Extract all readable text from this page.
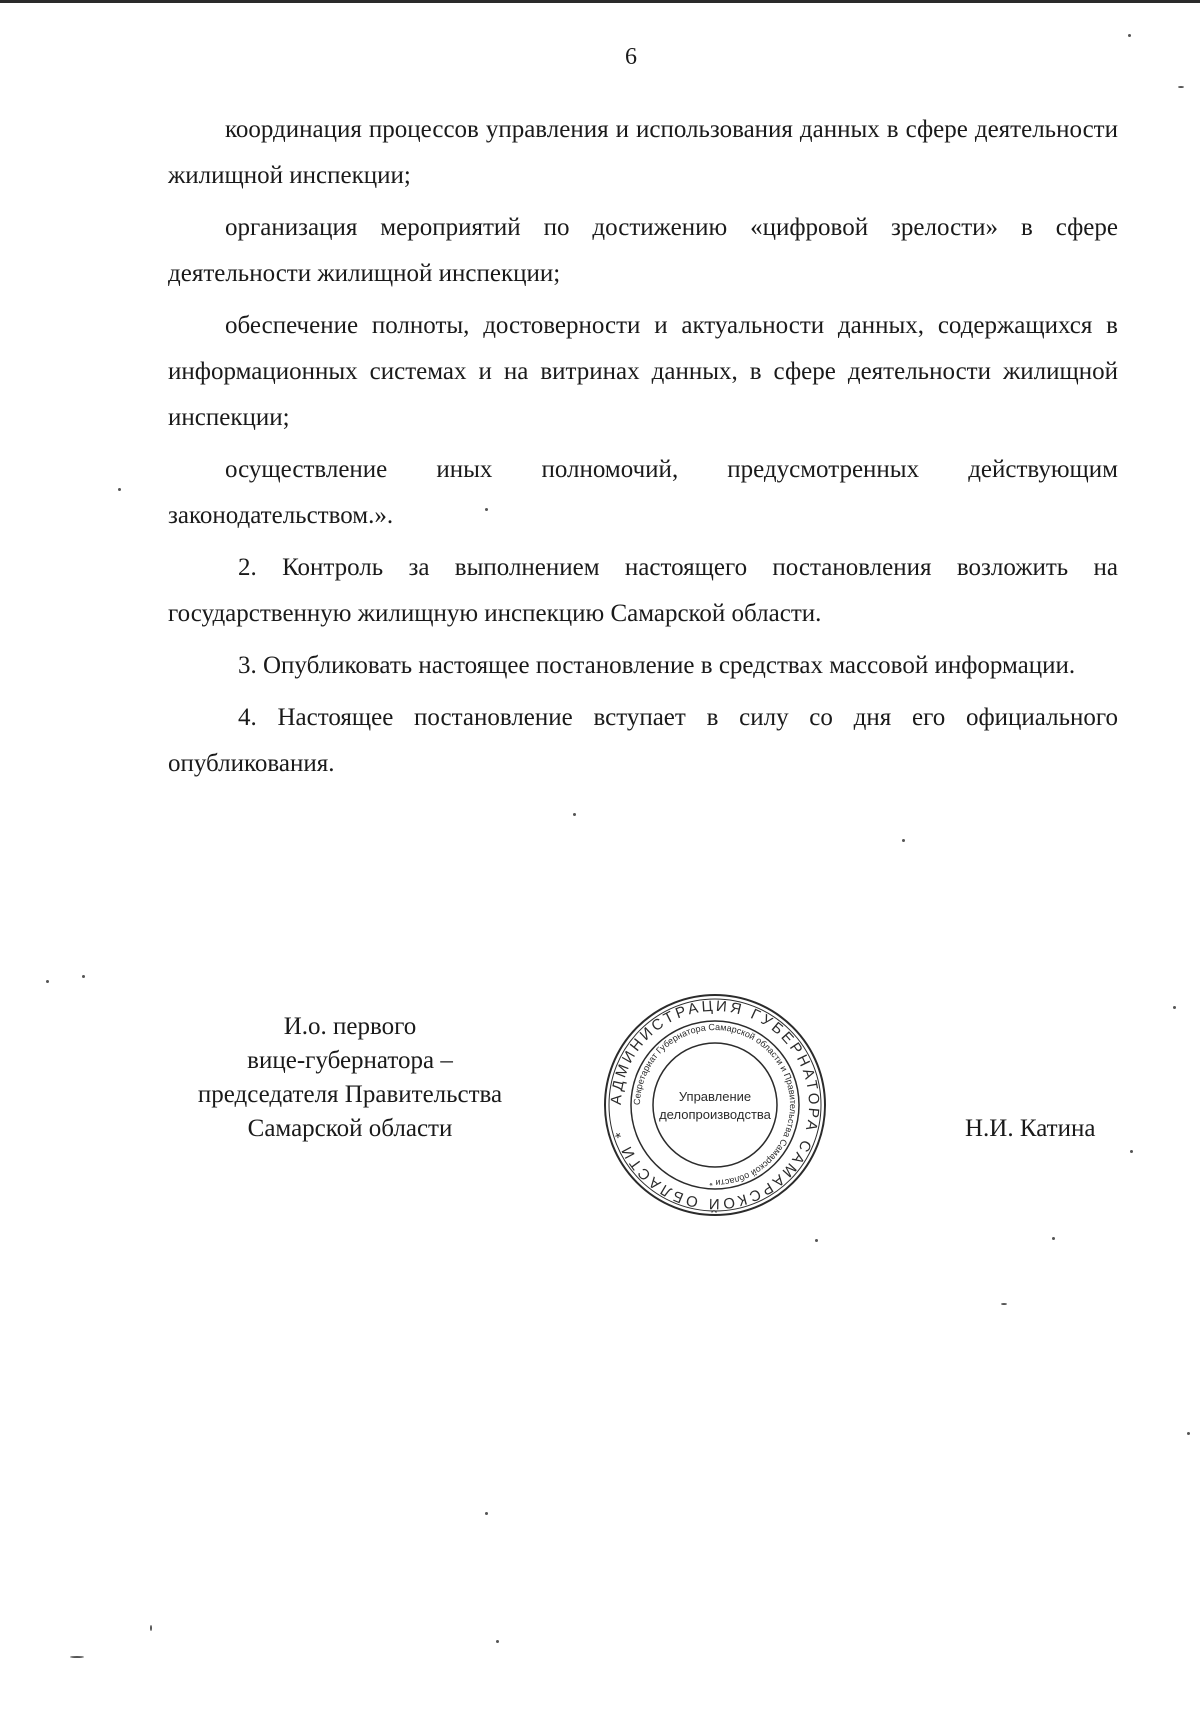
6

координация процессов управления и использования данных в сфере деятельности жилищной инспекции;

организация мероприятий по достижению «цифровой зрелости» в сфере деятельности жилищной инспекции;

обеспечение полноты, достоверности и актуальности данных, содержащихся в информационных системах и на витринах данных, в сфере деятельности жилищной инспекции;

осуществление иных полномочий, предусмотренных действующим законодательством.».

2. Контроль за выполнением настоящего постановления возложить на государственную жилищную инспекцию Самарской области.

3. Опубликовать настоящее постановление в средствах массовой информации.

4. Настоящее постановление вступает в силу со дня его официального опубликования.

И.о. первого
вице-губернатора –
председателя Правительства
Самарской области
АДМИНИСТРАЦИЯ ГУБЕРНАТОРА САМАРСКОЙ ОБЛАСТИ *
Секретариат Губернатора Самарской области и Правительства Самарской области *
Управление
делопроизводства
Н.И. Катина
